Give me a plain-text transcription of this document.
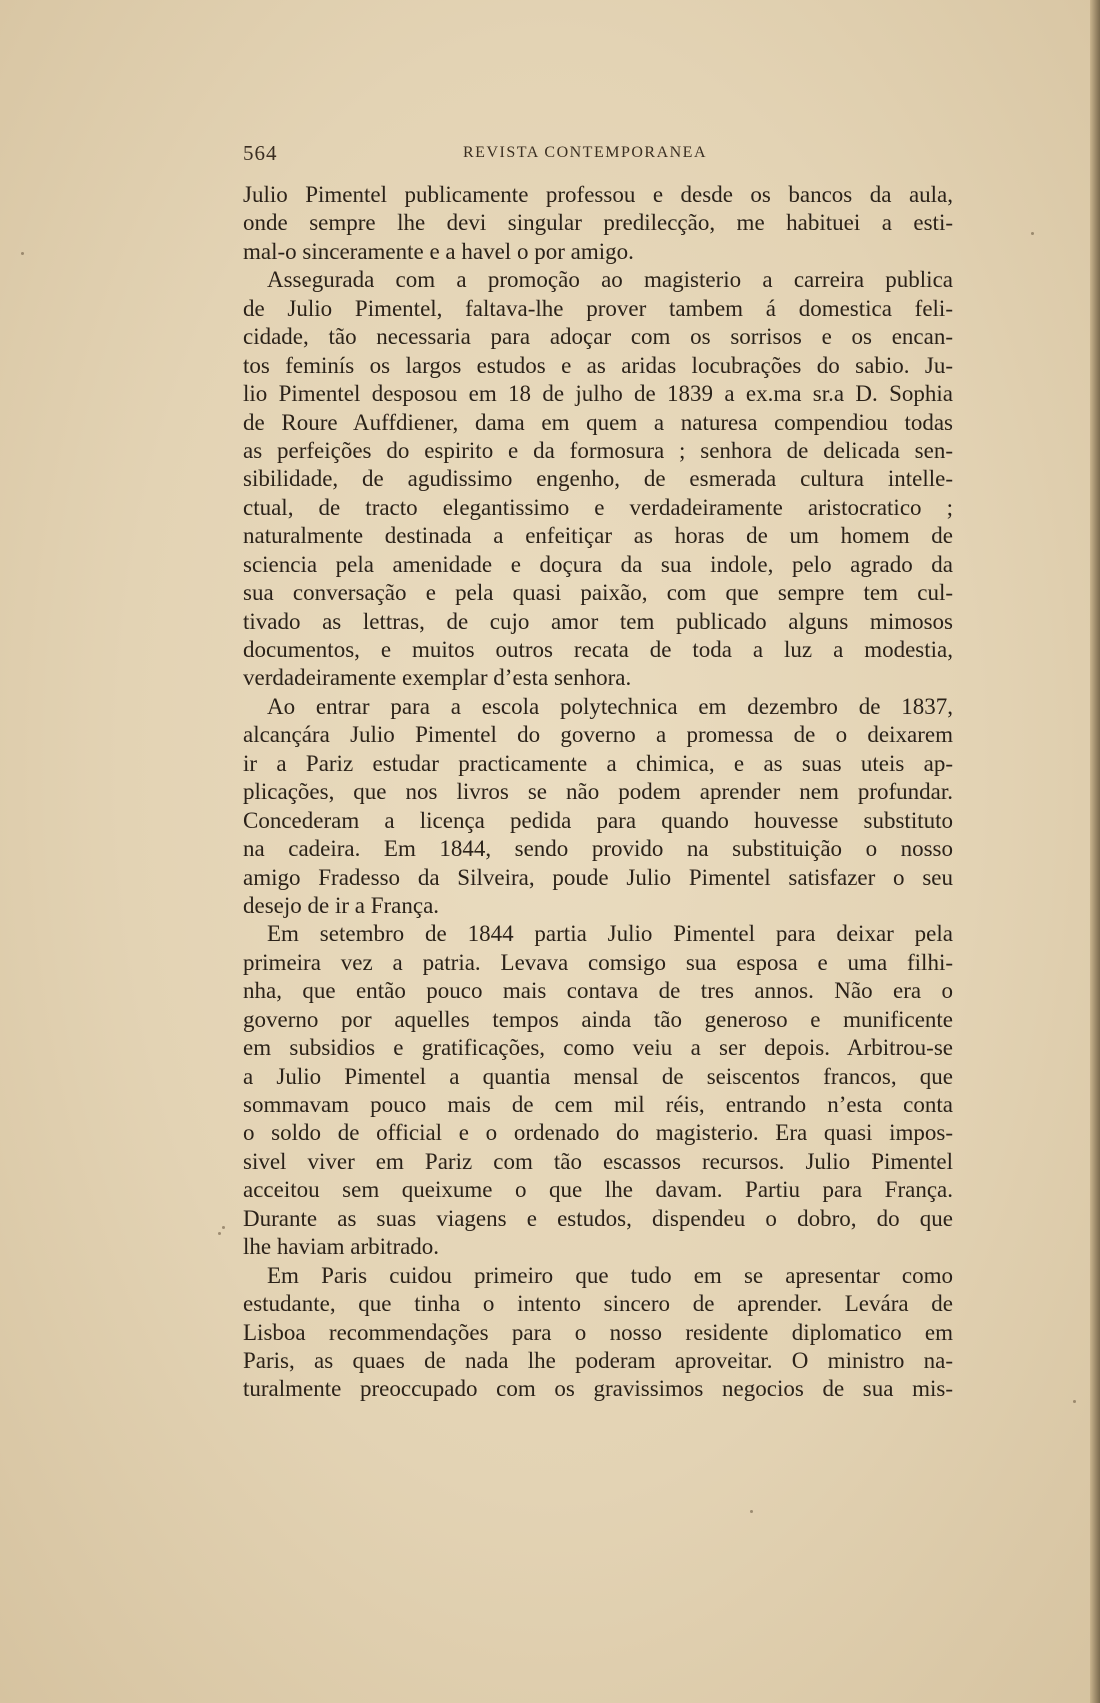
564	REVISTA CONTEMPORANEA
Julio Pimentel publicamente professou e desde os bancos da aula,
onde sempre lhe devi singular predilecção, me habituei a esti-
mal-o sinceramente e a havel o por amigo.
Assegurada com a promoção ao magisterio a carreira publica
de Julio Pimentel, faltava-lhe prover tambem á domestica feli-
cidade, tão necessaria para adoçar com os sorrisos e os encan-
tos feminís os largos estudos e as aridas locubrações do sabio. Ju-
lio Pimentel desposou em 18 de julho de 1839 a ex.ma sr.a D. Sophia
de Roure Auffdiener, dama em quem a naturesa compendiou todas
as perfeições do espirito e da formosura ; senhora de delicada sen-
sibilidade, de agudissimo engenho, de esmerada cultura intelle-
ctual, de tracto elegantissimo e verdadeiramente aristocratico ;
naturalmente destinada a enfeitiçar as horas de um homem de
sciencia pela amenidade e doçura da sua indole, pelo agrado da
sua conversação e pela quasi paixão, com que sempre tem cul-
tivado as lettras, de cujo amor tem publicado alguns mimosos
documentos, e muitos outros recata de toda a luz a modestia,
verdadeiramente exemplar d’esta senhora.
Ao entrar para a escola polytechnica em dezembro de 1837,
alcançára Julio Pimentel do governo a promessa de o deixarem
ir a Pariz estudar practicamente a chimica, e as suas uteis ap-
plicações, que nos livros se não podem aprender nem profundar.
Concederam a licença pedida para quando houvesse substituto
na cadeira. Em 1844, sendo provido na substituição o nosso
amigo Fradesso da Silveira, poude Julio Pimentel satisfazer o seu
desejo de ir a França.
Em setembro de 1844 partia Julio Pimentel para deixar pela
primeira vez a patria. Levava comsigo sua esposa e uma filhi-
nha, que então pouco mais contava de tres annos. Não era o
governo por aquelles tempos ainda tão generoso e munificente
em subsidios e gratificações, como veiu a ser depois. Arbitrou-se
a Julio Pimentel a quantia mensal de seiscentos francos, que
sommavam pouco mais de cem mil réis, entrando n’esta conta
o soldo de official e o ordenado do magisterio. Era quasi impos-
sivel viver em Pariz com tão escassos recursos. Julio Pimentel
acceitou sem queixume o que lhe davam. Partiu para França.
Durante as suas viagens e estudos, dispendeu o dobro, do que
lhe haviam arbitrado.
Em Paris cuidou primeiro que tudo em se apresentar como
estudante, que tinha o intento sincero de aprender. Levára de
Lisboa recommendações para o nosso residente diplomatico em
Paris, as quaes de nada lhe poderam aproveitar. O ministro na-
turalmente preoccupado com os gravissimos negocios de sua mis-
